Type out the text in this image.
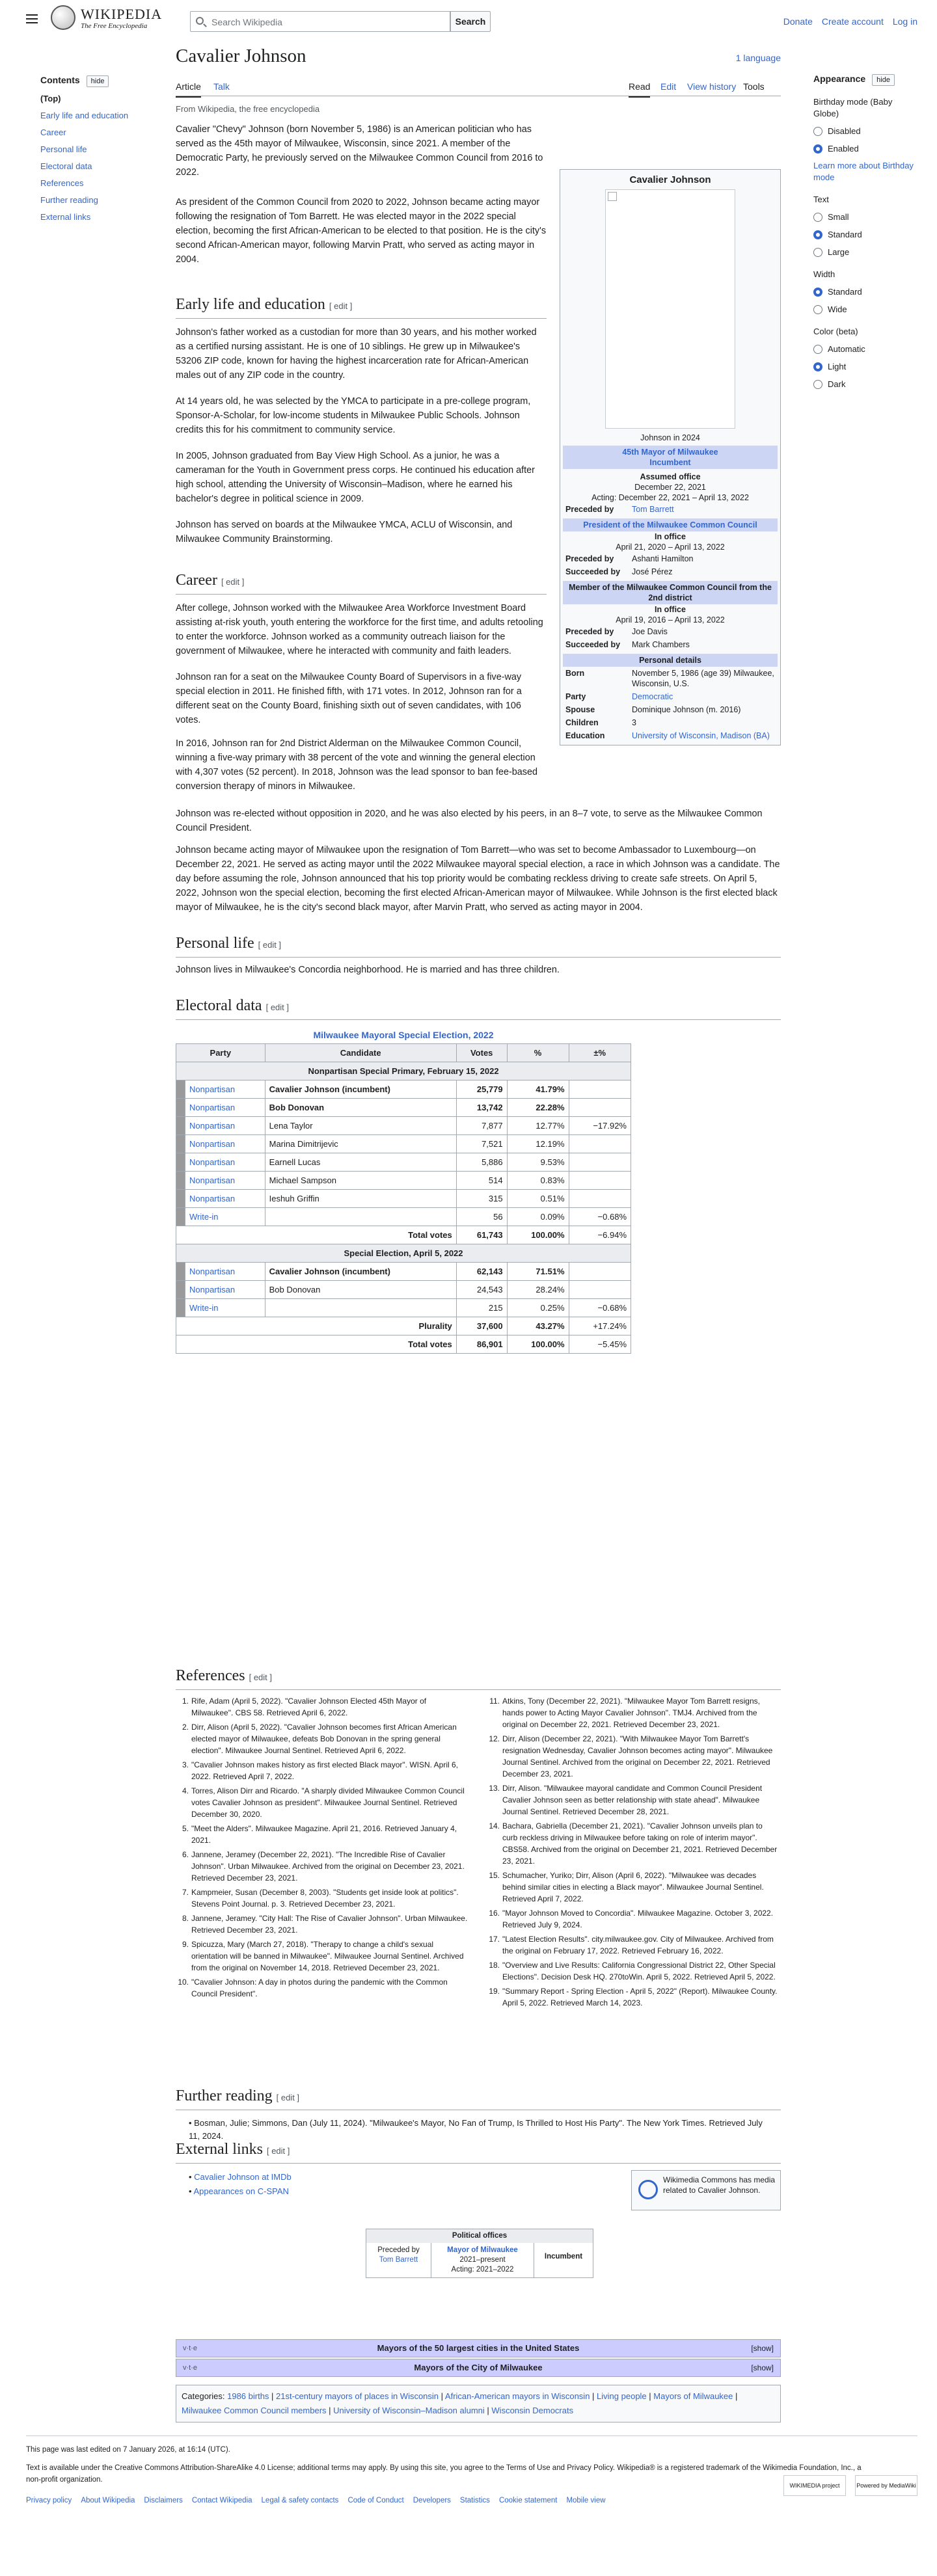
WIKIPEDIA
The Free Encyclopedia	Search Wikipedia	Search	Donate Create account Log in
Contents hide
(Top)
Early life and education
Career
Personal life
Electoral data
References
Further reading
External links
Cavalier Johnson	1 language
Article Talk	Read Edit View history Tools
From Wikipedia, the free encyclopedia

Cavalier "Chevy" Johnson (born November 5, 1986) is an American politician who has served as the 45th mayor of Milwaukee, Wisconsin, since 2021. A member of the Democratic Party, he previously served on the Milwaukee Common Council from 2016 to 2022.

As president of the Common Council from 2020 to 2022, Johnson became acting mayor following the resignation of Tom Barrett. He was elected mayor in the 2022 special election, becoming the first African-American to be elected to that position. He is the city's second African-American mayor, following Marvin Pratt, who served as acting mayor in 2004.

Early life and education [ edit ]

Johnson's father worked as a custodian for more than 30 years, and his mother worked as a certified nursing assistant. He is one of 10 siblings. He grew up in Milwaukee's 53206 ZIP code, known for having the highest incarceration rate for African-American males out of any ZIP code in the country.

At 14 years old, he was selected by the YMCA to participate in a pre-college program, Sponsor-A-Scholar, for low-income students in Milwaukee Public Schools. Johnson credits this for his commitment to community service.

In 2005, Johnson graduated from Bay View High School. As a junior, he was a cameraman for the Youth in Government press corps. He continued his education after high school, attending the University of Wisconsin–Madison, where he earned his bachelor's degree in political science in 2009.

Johnson has served on boards at the Milwaukee YMCA, ACLU of Wisconsin, and Milwaukee Community Brainstorming.

Career [ edit ]

After college, Johnson worked with the Milwaukee Area Workforce Investment Board assisting at-risk youth, youth entering the workforce for the first time, and adults retooling to enter the workforce. Johnson worked as a community outreach liaison for the government of Milwaukee, where he interacted with community and faith leaders.

Johnson ran for a seat on the Milwaukee County Board of Supervisors in a five-way special election in 2011. He finished fifth, with 171 votes. In 2012, Johnson ran for a different seat on the County Board, finishing sixth out of seven candidates, with 106 votes.

In 2016, Johnson ran for 2nd District Alderman on the Milwaukee Common Council, winning a five-way primary with 38 percent of the vote and winning the general election with 4,307 votes (52 percent). In 2018, Johnson was the lead sponsor to ban fee-based conversion therapy of minors in Milwaukee.

Johnson was re-elected without opposition in 2020, and he was also elected by his peers, in an 8–7 vote, to serve as the Milwaukee Common Council President.

Johnson became acting mayor of Milwaukee upon the resignation of Tom Barrett—who was set to become Ambassador to Luxembourg—on December 22, 2021. He served as acting mayor until the 2022 Milwaukee mayoral special election, a race in which Johnson was a candidate. The day before assuming the role, Johnson announced that his top priority would be combating reckless driving to create safe streets. On April 5, 2022, Johnson won the special election, becoming the first elected African-American mayor of Milwaukee. While Johnson is the first elected black mayor of Milwaukee, he is the city's second black mayor, after Marvin Pratt, who served as acting mayor in 2004.

Personal life [ edit ]

Johnson lives in Milwaukee's Concordia neighborhood. He is married and has three children.

Electoral data [ edit ]
Milwaukee Mayoral Special Election, 2022
Party		Candidate	Votes	%	±%
Nonpartisan Special Primary, February 15, 2022					
	Nonpartisan	Cavalier Johnson (incumbent)	25,779	41.79%	
	Nonpartisan	Bob Donovan	13,742	22.28%	
	Nonpartisan	Lena Taylor	7,877	12.77%	−17.92%
	Nonpartisan	Marina Dimitrijevic	7,521	12.19%	
	Nonpartisan	Earnell Lucas	5,886	9.53%	
	Nonpartisan	Michael Sampson	514	0.83%	
	Nonpartisan	Ieshuh Griffin	315	0.51%	
	Write-in		56	0.09%	−0.68%
Total votes			61,743	100.00%	−6.94%
Special Election, April 5, 2022					
	Nonpartisan	Cavalier Johnson (incumbent)	62,143	71.51%	
	Nonpartisan	Bob Donovan	24,543	28.24%	
	Write-in		215	0.25%	−0.68%
Plurality			37,600	43.27%	+17.24%
Total votes			86,901	100.00%	−5.45%
References [ edit ]
1. Rife, Adam (April 5, 2022). "Cavalier Johnson Elected 45th Mayor of Milwaukee". CBS 58. Retrieved April 6, 2022.
2. Dirr, Alison (April 5, 2022). "Cavalier Johnson becomes first African American elected mayor of Milwaukee, defeats Bob Donovan in the spring general election". Milwaukee Journal Sentinel. Retrieved April 6, 2022.
3. "Cavalier Johnson makes history as first elected Black mayor". WISN. April 6, 2022. Retrieved April 7, 2022.
4. Torres, Alison Dirr and Ricardo. "A sharply divided Milwaukee Common Council votes Cavalier Johnson as president". Milwaukee Journal Sentinel. Retrieved December 30, 2020.
5. "Meet the Alders". Milwaukee Magazine. April 21, 2016. Retrieved January 4, 2021.
6. Jannene, Jeramey (December 22, 2021). "The Incredible Rise of Cavalier Johnson". Urban Milwaukee. Archived from the original on December 23, 2021. Retrieved December 23, 2021.
7. Kampmeier, Susan (December 8, 2003). "Students get inside look at politics". Stevens Point Journal. p. 3. Retrieved December 23, 2021.
8. Jannene, Jeramey. "City Hall: The Rise of Cavalier Johnson". Urban Milwaukee. Retrieved December 23, 2021.
9. Spicuzza, Mary (March 27, 2018). "Therapy to change a child's sexual orientation will be banned in Milwaukee". Milwaukee Journal Sentinel. Archived from the original on November 14, 2018. Retrieved December 23, 2021.
10. "Cavalier Johnson: A day in photos during the pandemic with the Common Council President".
11. Atkins, Tony (December 22, 2021). "Milwaukee Mayor Tom Barrett resigns, hands power to Acting Mayor Cavalier Johnson". TMJ4. Archived from the original on December 22, 2021. Retrieved December 23, 2021.
12. Dirr, Alison (December 22, 2021). "With Milwaukee Mayor Tom Barrett's resignation Wednesday, Cavalier Johnson becomes acting mayor". Milwaukee Journal Sentinel. Archived from the original on December 22, 2021. Retrieved December 23, 2021.
13. Dirr, Alison. "Milwaukee mayoral candidate and Common Council President Cavalier Johnson seen as better relationship with state ahead". Milwaukee Journal Sentinel. Retrieved December 28, 2021.
14. Bachara, Gabriella (December 21, 2021). "Cavalier Johnson unveils plan to curb reckless driving in Milwaukee before taking on role of interim mayor". CBS58. Archived from the original on December 21, 2021. Retrieved December 23, 2021.
15. Schumacher, Yuriko; Dirr, Alison (April 6, 2022). "Milwaukee was decades behind similar cities in electing a Black mayor". Milwaukee Journal Sentinel. Retrieved April 7, 2022.
16. "Mayor Johnson Moved to Concordia". Milwaukee Magazine. October 3, 2022. Retrieved July 9, 2024.
17. "Latest Election Results". city.milwaukee.gov. City of Milwaukee. Archived from the original on February 17, 2022. Retrieved February 16, 2022.
18. "Overview and Live Results: California Congressional District 22, Other Special Elections". Decision Desk HQ. 270toWin. April 5, 2022. Retrieved April 5, 2022.
19. "Summary Report - Spring Election - April 5, 2022" (Report). Milwaukee County. April 5, 2022. Retrieved March 14, 2023.
Further reading [ edit ]
• Bosman, Julie; Simmons, Dan (July 11, 2024). "Milwaukee's Mayor, No Fan of Trump, Is Thrilled to Host His Party". The New York Times. Retrieved July 11, 2024.
External links [ edit ]
• Cavalier Johnson at IMDb
• Appearances on C-SPAN
Wikimedia Commons has media related to Cavalier Johnson.
Political offices
Preceded by
Tom Barrett
Mayor of Milwaukee
2021–present
Acting: 2021–2022
Incumbent
Cavalier Johnson
Johnson in 2024
45th Mayor of Milwaukee
Incumbent
Assumed office
December 22, 2021
Acting: December 22, 2021 – April 13, 2022
Preceded by	Tom Barrett
President of the Milwaukee Common Council
In office
April 21, 2020 – April 13, 2022
Preceded by	Ashanti Hamilton
Succeeded by	José Pérez
Member of the Milwaukee Common Council from the 2nd district
In office
April 19, 2016 – April 13, 2022
Preceded by	Joe Davis
Succeeded by	Mark Chambers
Personal details
Born	November 5, 1986 (age 39) Milwaukee, Wisconsin, U.S.
Party	Democratic
Spouse	Dominique Johnson (m. 2016)
Children	3
Education	University of Wisconsin, Madison (BA)
Appearance hide
Birthday mode (Baby Globe)
Disabled
Enabled
Learn more about Birthday mode
Text
Small
Standard
Large
Width
Standard
Wide
Color (beta)
Automatic
Light
Dark
v·t·e	Mayors of the 50 largest cities in the United States	[show]
v·t·e	Mayors of the City of Milwaukee	[show]
Categories: 1986 births | 21st-century mayors of places in Wisconsin | African-American mayors in Wisconsin | Living people | Mayors of Milwaukee | Milwaukee Common Council members | University of Wisconsin–Madison alumni | Wisconsin Democrats
This page was last edited on 7 January 2026, at 16:14 (UTC).
Text is available under the Creative Commons Attribution-ShareAlike 4.0 License; additional terms may apply. By using this site, you agree to the Terms of Use and Privacy Policy. Wikipedia® is a registered trademark of the Wikimedia Foundation, Inc., a non-profit organization.
Privacy policy About Wikipedia Disclaimers Contact Wikipedia Legal & safety contacts Code of Conduct Developers Statistics Cookie statement Mobile view
WIKIMEDIA project	Powered by MediaWiki
